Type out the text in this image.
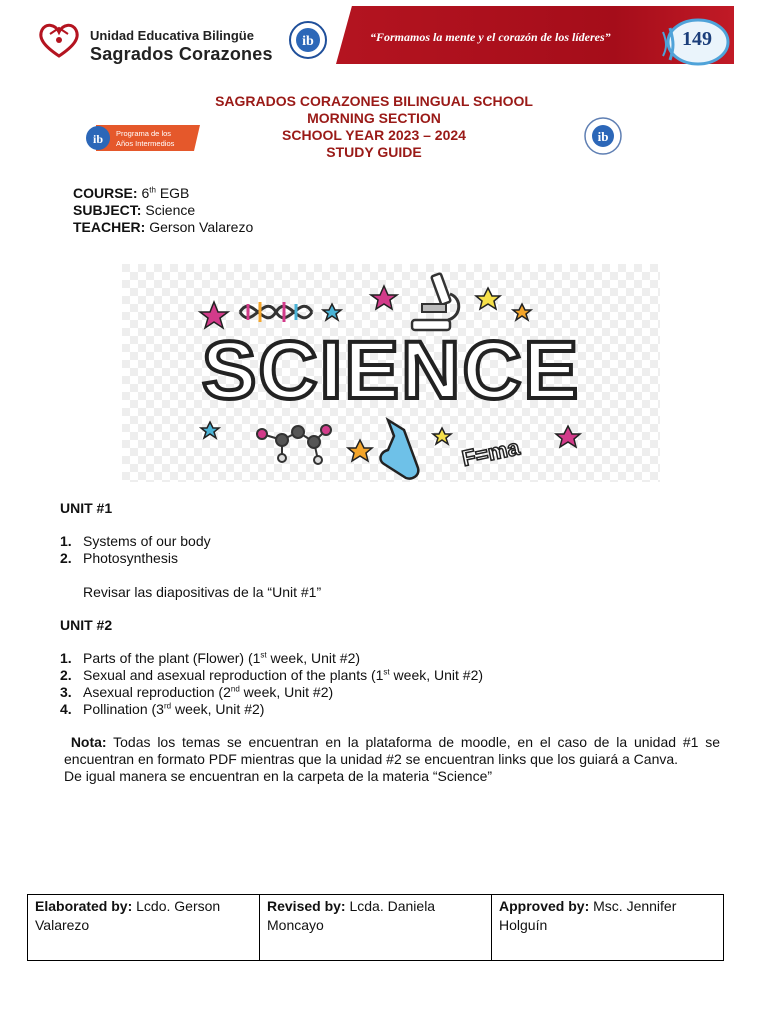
Unidad Educativa Bilingüe
Sagrados Corazones
ib	“Formamos la mente y el corazón de los líderes”	149
SAGRADOS CORAZONES BILINGUAL SCHOOL
MORNING SECTION
SCHOOL YEAR 2023 – 2024
STUDY GUIDE
ib Programa de los
Años Intermedios	ib
COURSE: 6th EGB
SUBJECT: Science
TEACHER: Gerson Valarezo
SCIENCE
F=ma
UNIT #1
1. Systems of our body
2. Photosynthesis
Revisar las diapositivas de la “Unit #1”
UNIT #2
1. Parts of the plant (Flower) (1st week, Unit #2)
2. Sexual and asexual reproduction of the plants (1st week, Unit #2)
3. Asexual reproduction (2nd week, Unit #2)
4. Pollination (3rd week, Unit #2)
Nota: Todas los temas se encuentran en la plataforma de moodle, en el caso de la unidad #1 se encuentran en formato PDF mientras que la unidad #2 se encuentran links que los guiará a Canva.
De igual manera se encuentran en la carpeta de la materia “Science”
Elaborated by: Lcdo. Gerson Valarezo
Revised by: Lcda. Daniela Moncayo
Approved by: Msc. Jennifer Holguín
